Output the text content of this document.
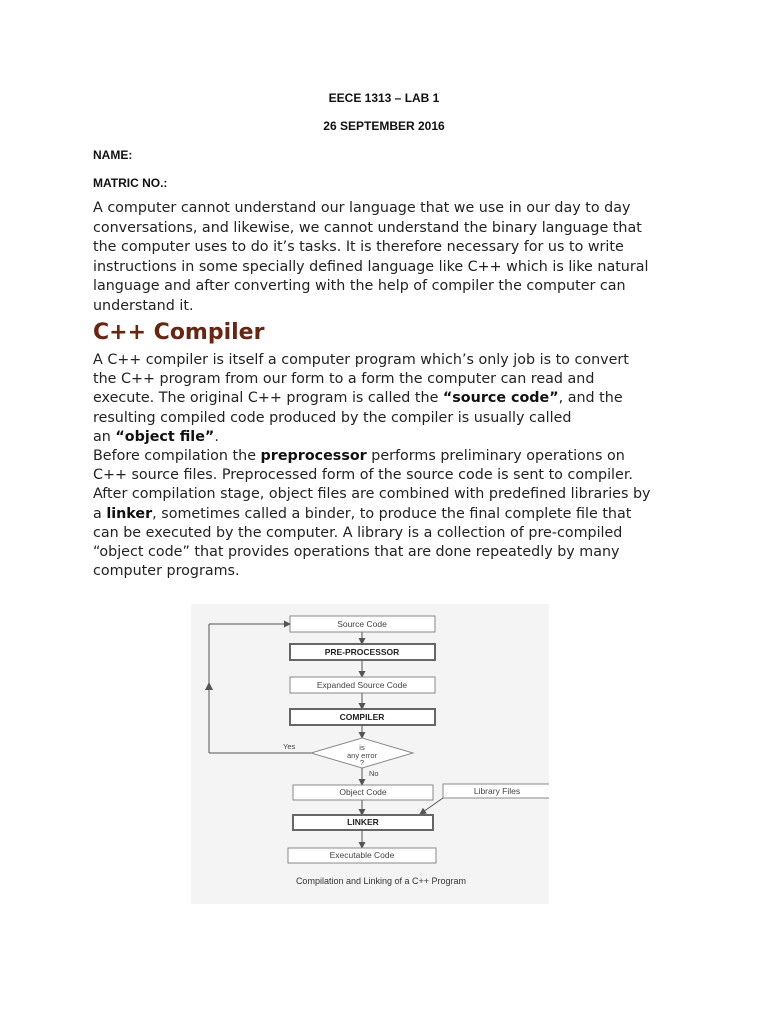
EECE 1313 – LAB 1
26 SEPTEMBER 2016
NAME:
MATRIC NO.:

A computer cannot understand our language that we use in our day to day
conversations, and likewise, we cannot understand the binary language that
the computer uses to do it’s tasks. It is therefore necessary for us to write
instructions in some specially defined language like C++ which is like natural
language and after converting with the help of compiler the computer can
understand it.

C++ Compiler
A C++ compiler is itself a computer program which’s only job is to convert
the C++ program from our form to a form the computer can read and
execute. The original C++ program is called the “source code”, and the
resulting compiled code produced by the compiler is usually called
an “object file”.
Before compilation the preprocessor performs preliminary operations on
C++ source files. Preprocessed form of the source code is sent to compiler.
After compilation stage, object files are combined with predefined libraries by
a linker, sometimes called a binder, to produce the final complete file that
can be executed by the computer. A library is a collection of pre-compiled
“object code” that provides operations that are done repeatedly by many
computer programs.
Source Code
PRE-PROCESSOR
Expanded Source Code
COMPILER
is
any error
?
Yes
No
Object Code	Library Files
LINKER
Executable Code
Compilation and Linking of a C++ Program
